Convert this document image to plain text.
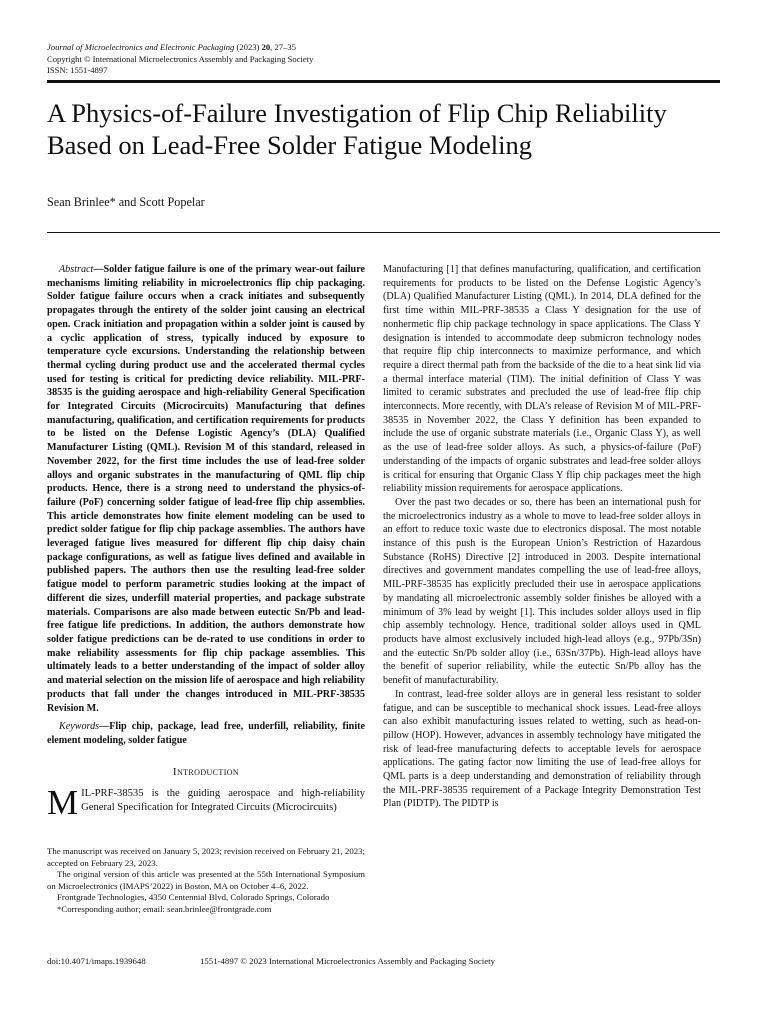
Journal of Microelectronics and Electronic Packaging (2023) 20, 27–35
Copyright © International Microelectronics Assembly and Packaging Society
ISSN: 1551-4897
A Physics-of-Failure Investigation of Flip Chip Reliability Based on Lead-Free Solder Fatigue Modeling
Sean Brinlee* and Scott Popelar

Abstract—Solder fatigue failure is one of the primary wear-out failure mechanisms limiting reliability in microelectronics flip chip packaging. Solder fatigue failure occurs when a crack initiates and subsequently propagates through the entirety of the solder joint causing an electrical open. Crack initiation and propagation within a solder joint is caused by a cyclic application of stress, typically induced by exposure to temperature cycle excursions. Understanding the relationship between thermal cycling during product use and the accelerated thermal cycles used for testing is critical for predicting device reliability. MIL-PRF-38535 is the guiding aerospace and high-reliability General Specification for Integrated Circuits (Microcircuits) Manufacturing that defines manufacturing, qualification, and certification requirements for products to be listed on the Defense Logistic Agency’s (DLA) Qualified Manufacturer Listing (QML). Revision M of this standard, released in November 2022, for the first time includes the use of lead-free solder alloys and organic substrates in the manufacturing of QML flip chip products. Hence, there is a strong need to understand the physics-of-failure (PoF) concerning solder fatigue of lead-free flip chip assemblies. This article demonstrates how finite element modeling can be used to predict solder fatigue for flip chip package assemblies. The authors have leveraged fatigue lives measured for different flip chip daisy chain package configurations, as well as fatigue lives defined and available in published papers. The authors then use the resulting lead-free solder fatigue model to perform parametric studies looking at the impact of different die sizes, underfill material properties, and package substrate materials. Comparisons are also made between eutectic Sn/Pb and lead-free fatigue life predictions. In addition, the authors demonstrate how solder fatigue predictions can be de-rated to use conditions in order to make reliability assessments for flip chip package assemblies. This ultimately leads to a better understanding of the impact of solder alloy and material selection on the mission life of aerospace and high reliability products that fall under the changes introduced in MIL-PRF-38535 Revision M.

Keywords—Flip chip, package, lead free, underfill, reliability, finite element modeling, solder fatigue

Introduction

MIL-PRF-38535 is the guiding aerospace and high-reliability General Specification for Integrated Circuits (Microcircuits)

The manuscript was received on January 5, 2023; revision received on February 21, 2023; accepted on February 23, 2023.

The original version of this article was presented at the 55th International Symposium on Microelectronics (IMAPS’2022) in Boston, MA on October 4–6, 2022.

Frontgrade Technologies, 4350 Centennial Blvd, Colorado Springs, Colorado

*Corresponding author; email: sean.brinlee@frontgrade.com

Manufacturing [1] that defines manufacturing, qualification, and certification requirements for products to be listed on the Defense Logistic Agency’s (DLA) Qualified Manufacturer Listing (QML). In 2014, DLA defined for the first time within MIL-PRF-38535 a Class Y designation for the use of nonhermetic flip chip package technology in space applications. The Class Y designation is intended to accommodate deep submicron technology nodes that require flip chip interconnects to maximize performance, and which require a direct thermal path from the backside of the die to a heat sink lid via a thermal interface material (TIM). The initial definition of Class Y was limited to ceramic substrates and precluded the use of lead-free flip chip interconnects. More recently, with DLA’s release of Revision M of MIL-PRF-38535 in November 2022, the Class Y definition has been expanded to include the use of organic substrate materials (i.e., Organic Class Y), as well as the use of lead-free solder alloys. As such, a physics-of-failure (PoF) understanding of the impacts of organic substrates and lead-free solder alloys is critical for ensuring that Organic Class Y flip chip packages meet the high reliability mission requirements for aerospace applications.

Over the past two decades or so, there has been an international push for the microelectronics industry as a whole to move to lead-free solder alloys in an effort to reduce toxic waste due to electronics disposal. The most notable instance of this push is the European Union’s Restriction of Hazardous Substance (RoHS) Directive [2] introduced in 2003. Despite international directives and government mandates compelling the use of lead-free alloys, MIL-PRF-38535 has explicitly precluded their use in aerospace applications by mandating all microelectronic assembly solder finishes be alloyed with a minimum of 3% lead by weight [1]. This includes solder alloys used in flip chip assembly technology. Hence, traditional solder alloys used in QML products have almost exclusively included high-lead alloys (e.g., 97Pb/3Sn) and the eutectic Sn/Pb solder alloy (i.e., 63Sn/37Pb). High-lead alloys have the benefit of superior reliability, while the eutectic Sn/Pb alloy has the benefit of manufacturability.

In contrast, lead-free solder alloys are in general less resistant to solder fatigue, and can be susceptible to mechanical shock issues. Lead-free alloys can also exhibit manufacturing issues related to wetting, such as head-on-pillow (HOP). However, advances in assembly technology have mitigated the risk of lead-free manufacturing defects to acceptable levels for aerospace applications. The gating factor now limiting the use of lead-free alloys for QML parts is a deep understanding and demonstration of reliability through the MIL-PRF-38535 requirement of a Package Integrity Demonstration Test Plan (PIDTP). The PIDTP is

doi:10.4071/imaps.1939648	1551-4897 © 2023 International Microelectronics Assembly and Packaging Society
